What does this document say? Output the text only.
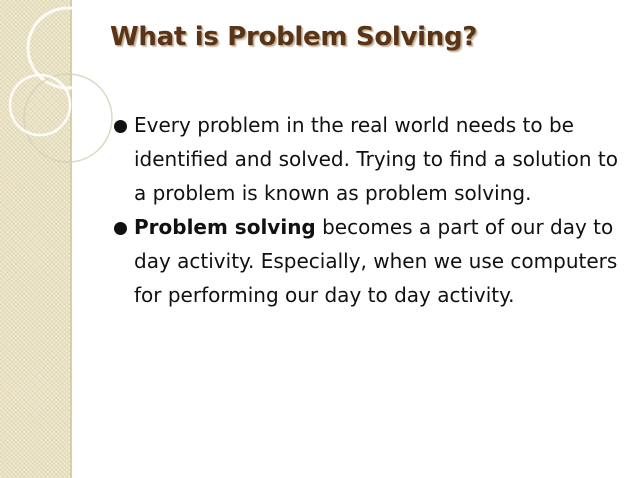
What is Problem Solving?
Every problem in the real world needs to be identified and solved. Trying to find a solution to a problem is known as problem solving.
Problem solving becomes a part of our day to day activity. Especially, when we use computers for performing our day to day activity.
